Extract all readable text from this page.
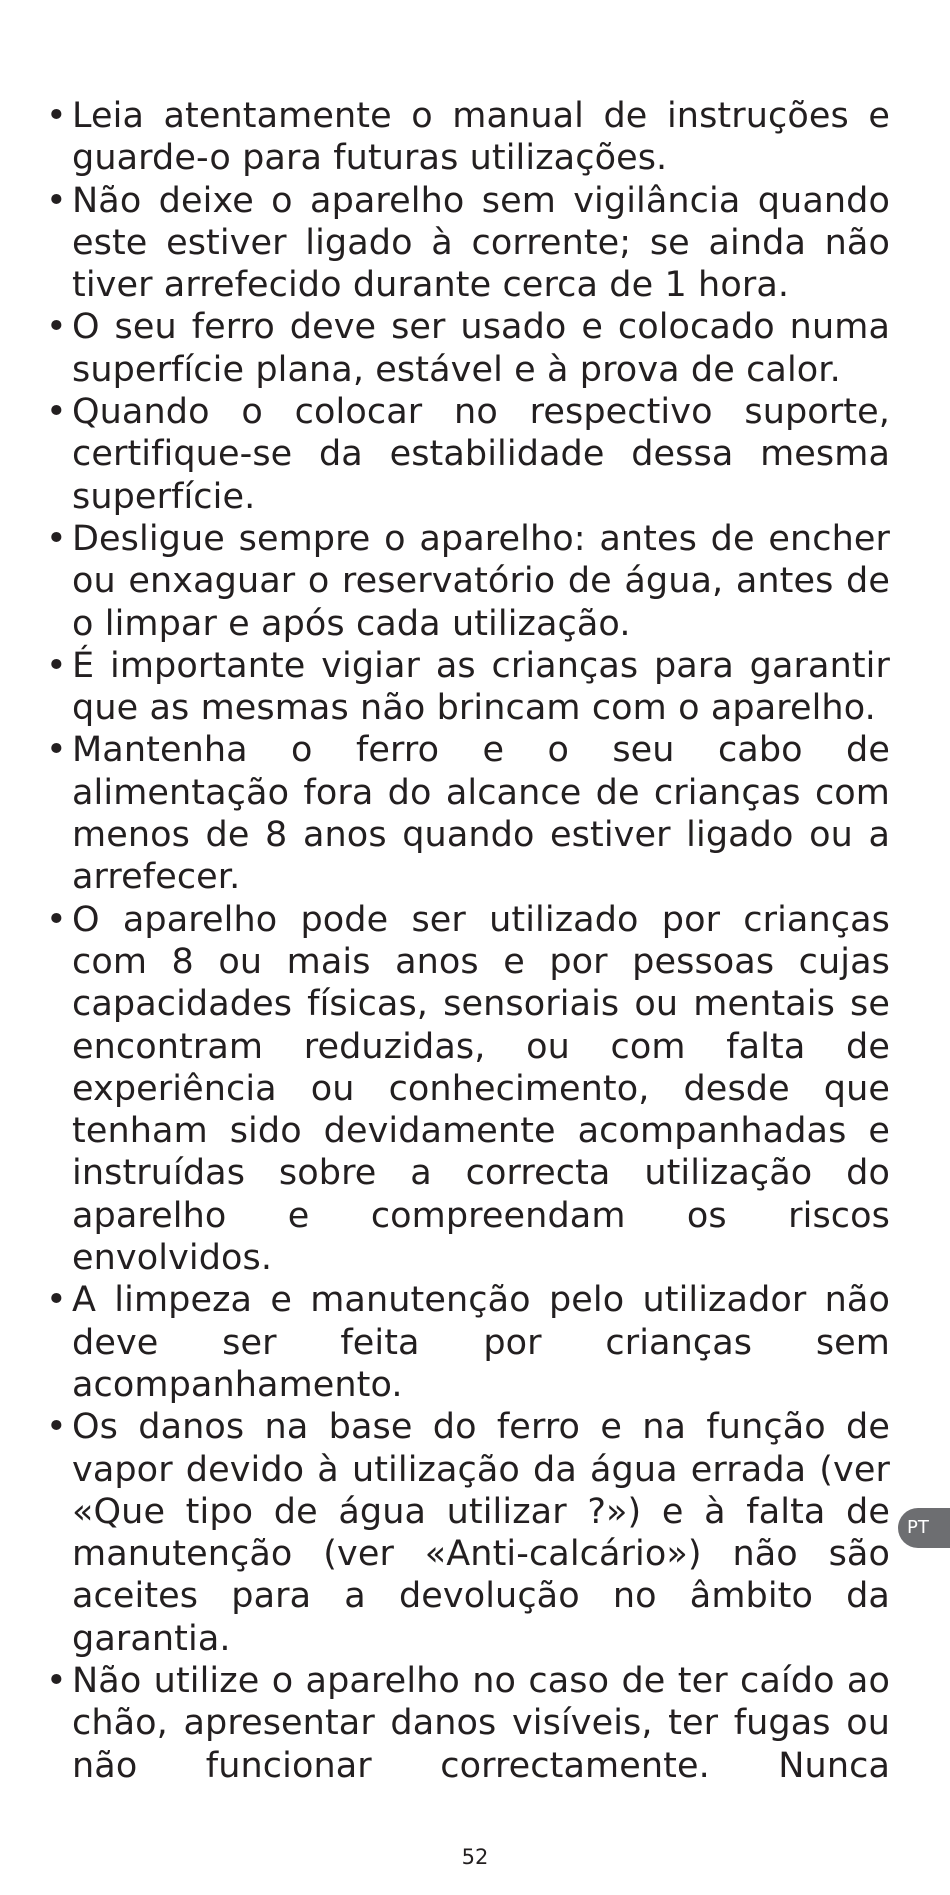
• Leia atentamente o manual de instruções e guarde-o para futuras utilizações.
• Não deixe o aparelho sem vigilância quando este estiver ligado à corrente; se ainda não tiver arrefecido durante cerca de 1 hora.
• O seu ferro deve ser usado e colocado numa superfície plana, estável e à prova de calor.
• Quando o colocar no respectivo suporte, certifique-se da estabilidade dessa mesma superfície.
• Desligue sempre o aparelho: antes de encher ou enxaguar o reservatório de água, antes de o limpar e após cada utilização.
• É importante vigiar as crianças para garantir que as mesmas não brincam com o aparelho.
• Mantenha o ferro e o seu cabo de alimentação fora do alcance de crianças com menos de 8 anos quando estiver ligado ou a arrefecer.
• O aparelho pode ser utilizado por crianças com 8 ou mais anos e por pessoas cujas capacidades físicas, sensoriais ou mentais se encontram reduzidas, ou com falta de experiência ou conhecimento, desde que tenham sido devidamente acompanhadas e instruídas sobre a correcta utilização do aparelho e compreendam os riscos envolvidos.
• A limpeza e manutenção pelo utilizador não deve ser feita por crianças sem acompanhamento.
• Os danos na base do ferro e na função de vapor devido à utilização da água errada (ver «Que tipo de água utilizar ?») e à falta de manutenção (ver «Anti-calcário») não são aceites para a devolução no âmbito da garantia.
• Não utilize o aparelho no caso de ter caído ao chão, apresentar danos visíveis, ter fugas ou não funcionar correctamente. Nunca
PT
52
